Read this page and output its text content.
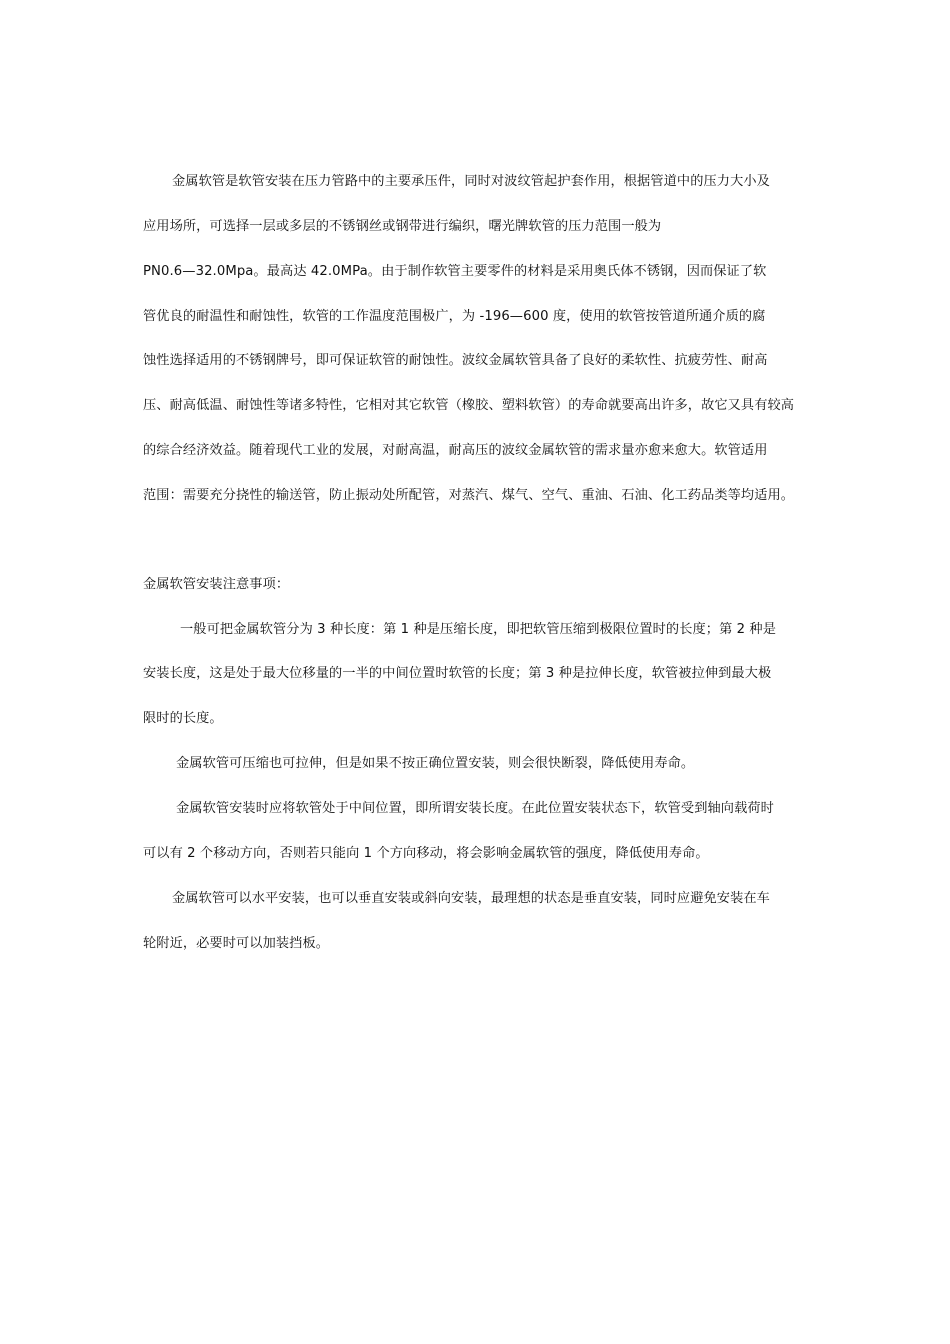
金属软管是软管安装在压力管路中的主要承压件，同时对波纹管起护套作用，根据管道中的压力大小及
应用场所，可选择一层或多层的不锈钢丝或钢带进行编织，曙光牌软管的压力范围一般为
PN0.6—32.0Mpa。最高达 42.0MPa。由于制作软管主要零件的材料是采用奥氏体不锈钢，因而保证了软
管优良的耐温性和耐蚀性，软管的工作温度范围极广，为 -196—600 度，使用的软管按管道所通介质的腐
蚀性选择适用的不锈钢牌号，即可保证软管的耐蚀性。波纹金属软管具备了良好的柔软性、抗疲劳性、耐高
压、耐高低温、耐蚀性等诸多特性，它相对其它软管（橡胶、塑料软管）的寿命就要高出许多，故它又具有较高
的综合经济效益。随着现代工业的发展，对耐高温，耐高压的波纹金属软管的需求量亦愈来愈大。软管适用
范围：需要充分挠性的输送管，防止振动处所配管，对蒸汽、煤气、空气、重油、石油、化工药品类等均适用。
金属软管安装注意事项：
一般可把金属软管分为 3 种长度：第 1 种是压缩长度，即把软管压缩到极限位置时的长度；第 2 种是
安装长度，这是处于最大位移量的一半的中间位置时软管的长度；第 3 种是拉伸长度，软管被拉伸到最大极
限时的长度。
金属软管可压缩也可拉伸，但是如果不按正确位置安装，则会很快断裂，降低使用寿命。
金属软管安装时应将软管处于中间位置，即所谓安装长度。在此位置安装状态下，软管受到轴向载荷时
可以有 2 个移动方向，否则若只能向 1 个方向移动，将会影响金属软管的强度，降低使用寿命。
金属软管可以水平安装，也可以垂直安装或斜向安装，最理想的状态是垂直安装，同时应避免安装在车
轮附近，必要时可以加装挡板。
